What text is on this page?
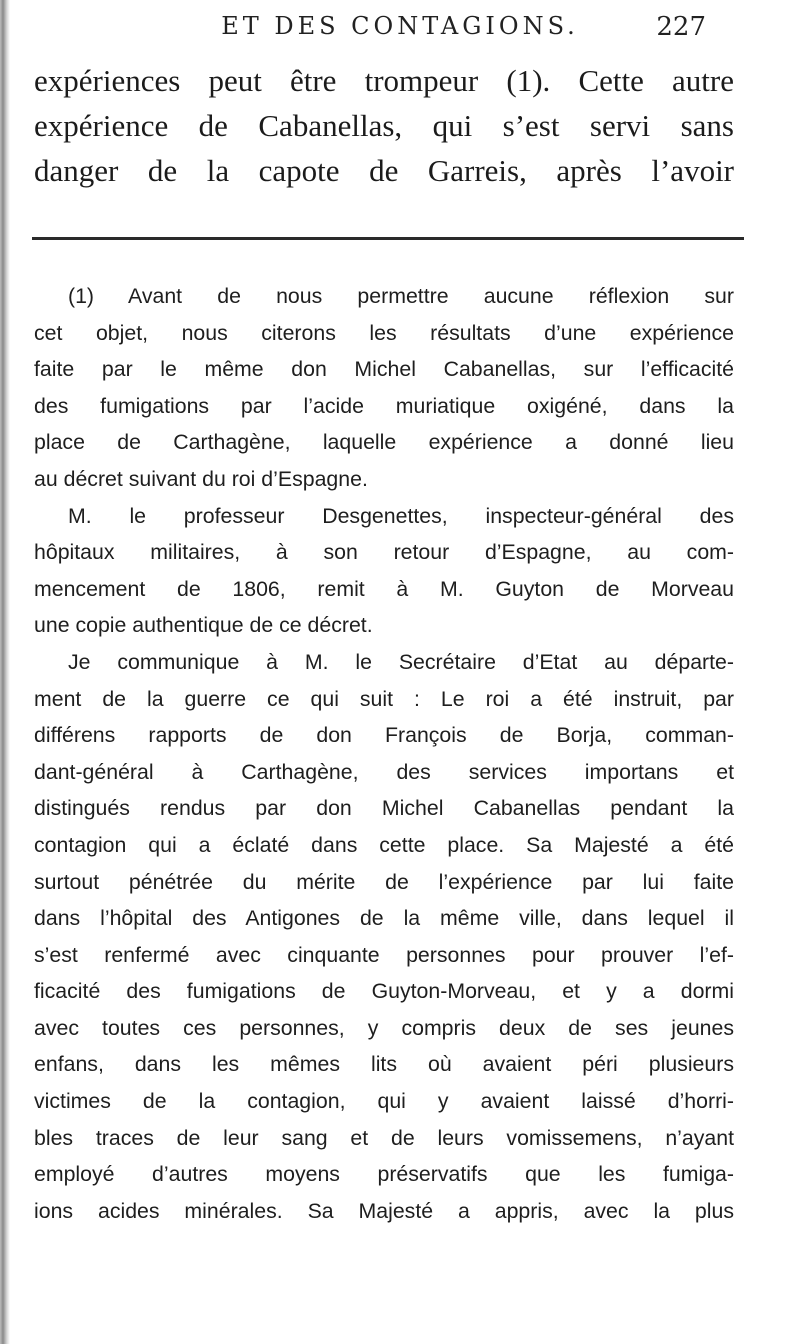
ET DES CONTAGIONS.	227
expériences peut être trompeur (1). Cette autre
expérience de Cabanellas, qui s’est servi sans
danger de la capote de Garreis, après l’avoir
(1) Avant de nous permettre aucune réflexion sur
cet objet, nous citerons les résultats d’une expérience
faite par le même don Michel Cabanellas, sur l’efficacité
des fumigations par l’acide muriatique oxigéné, dans la
place de Carthagène, laquelle expérience a donné lieu
au décret suivant du roi d’Espagne.
M. le professeur Desgenettes, inspecteur-général des
hôpitaux militaires, à son retour d’Espagne, au com-
mencement de 1806, remit à M. Guyton de Morveau
une copie authentique de ce décret.
Je communique à M. le Secrétaire d’Etat au départe-
ment de la guerre ce qui suit : Le roi a été instruit, par
différens rapports de don François de Borja, comman-
dant-général à Carthagène, des services importans et
distingués rendus par don Michel Cabanellas pendant la
contagion qui a éclaté dans cette place. Sa Majesté a été
surtout pénétrée du mérite de l’expérience par lui faite
dans l’hôpital des Antigones de la même ville, dans lequel il
s’est renfermé avec cinquante personnes pour prouver l’ef-
ficacité des fumigations de Guyton-Morveau, et y a dormi
avec toutes ces personnes, y compris deux de ses jeunes
enfans, dans les mêmes lits où avaient péri plusieurs
victimes de la contagion, qui y avaient laissé d’horri-
bles traces de leur sang et de leurs vomissemens, n’ayant
employé d’autres moyens préservatifs que les fumiga-
ions acides minérales. Sa Majesté a appris, avec la plus
